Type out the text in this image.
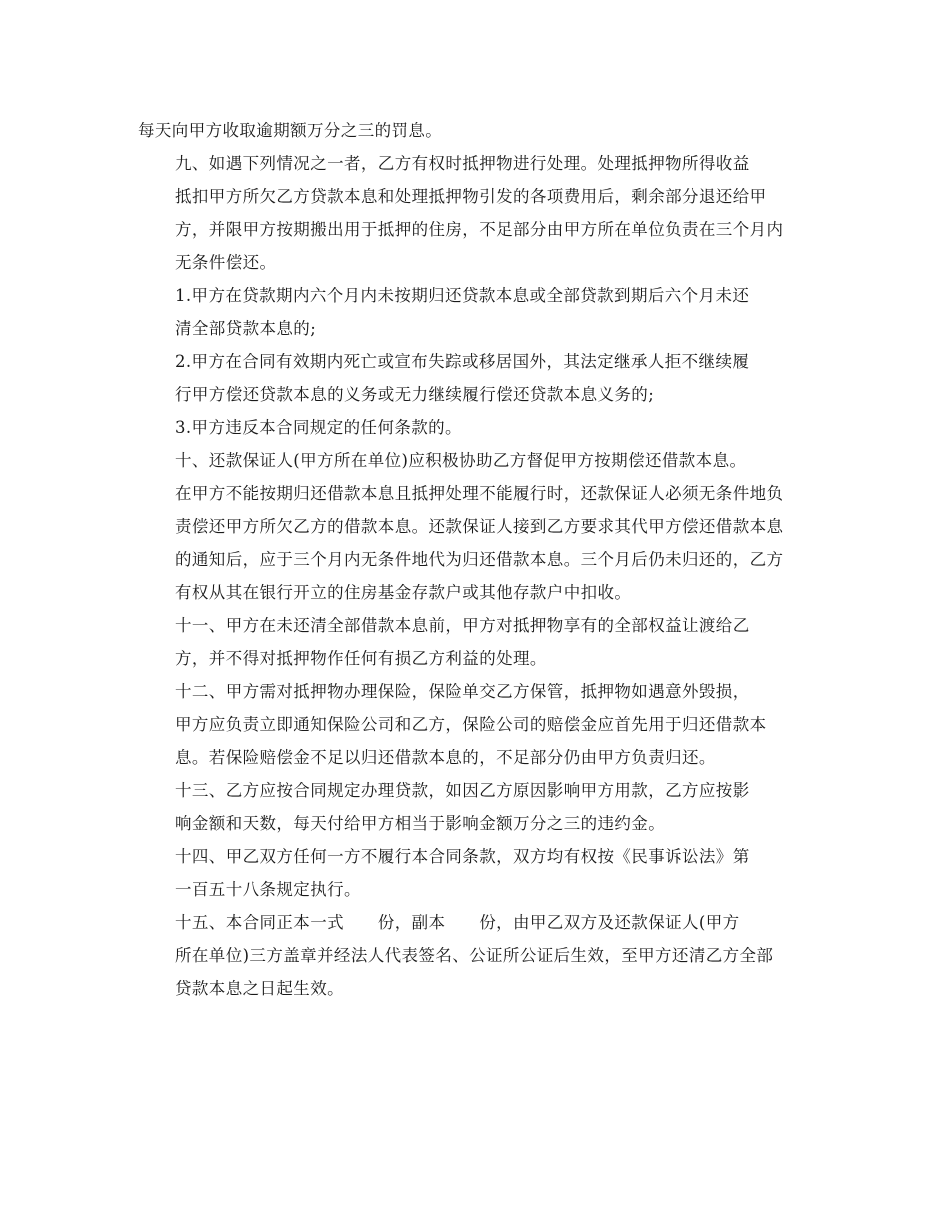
每天向甲方收取逾期额万分之三的罚息。

九、如遇下列情况之一者，乙方有权时抵押物进行处理。处理抵押物所得收益
抵扣甲方所欠乙方贷款本息和处理抵押物引发的各项费用后，剩余部分退还给甲
方，并限甲方按期搬出用于抵押的住房，不足部分由甲方所在单位负责在三个月内
无条件偿还。

1.甲方在贷款期内六个月内未按期归还贷款本息或全部贷款到期后六个月未还
清全部贷款本息的;

2.甲方在合同有效期内死亡或宣布失踪或移居国外，其法定继承人拒不继续履
行甲方偿还贷款本息的义务或无力继续履行偿还贷款本息义务的;

3.甲方违反本合同规定的任何条款的。

十、还款保证人(甲方所在单位)应积极协助乙方督促甲方按期偿还借款本息。
在甲方不能按期归还借款本息且抵押处理不能履行时，还款保证人必须无条件地负
责偿还甲方所欠乙方的借款本息。还款保证人接到乙方要求其代甲方偿还借款本息
的通知后，应于三个月内无条件地代为归还借款本息。三个月后仍未归还的，乙方
有权从其在银行开立的住房基金存款户或其他存款户中扣收。

十一、甲方在未还清全部借款本息前，甲方对抵押物享有的全部权益让渡给乙
方，并不得对抵押物作任何有损乙方利益的处理。

十二、甲方需对抵押物办理保险，保险单交乙方保管，抵押物如遇意外毁损，
甲方应负责立即通知保险公司和乙方，保险公司的赔偿金应首先用于归还借款本
息。若保险赔偿金不足以归还借款本息的，不足部分仍由甲方负责归还。

十三、乙方应按合同规定办理贷款，如因乙方原因影响甲方用款，乙方应按影
响金额和天数，每天付给甲方相当于影响金额万分之三的违约金。

十四、甲乙双方任何一方不履行本合同条款，双方均有权按《民事诉讼法》第
一百五十八条规定执行。

十五、本合同正本一式　　份，副本　　份，由甲乙双方及还款保证人(甲方
所在单位)三方盖章并经法人代表签名、公证所公证后生效，至甲方还清乙方全部
贷款本息之日起生效。
